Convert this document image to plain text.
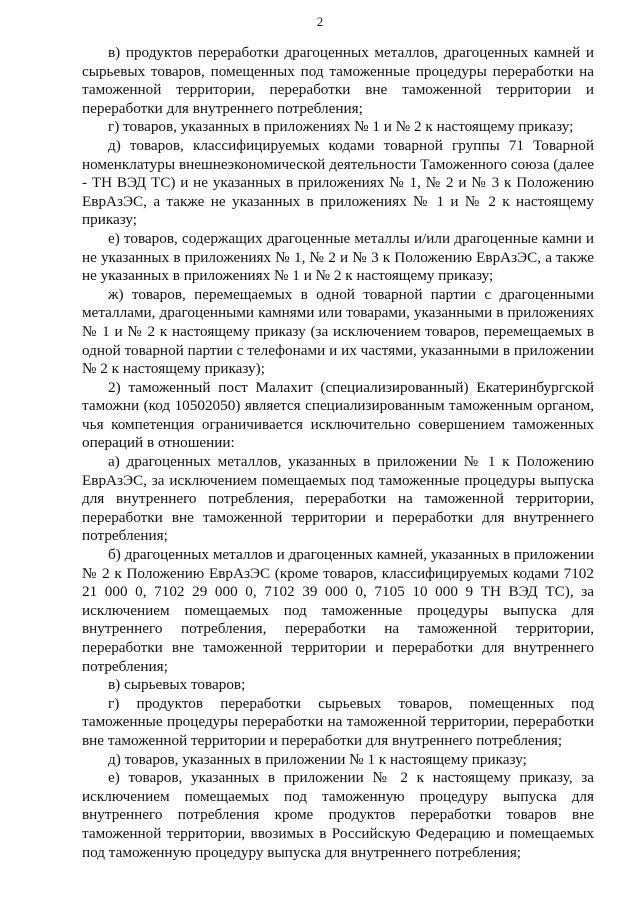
2

в) продуктов переработки драгоценных металлов, драгоценных камней и сырьевых товаров, помещенных под таможенные процедуры переработки на таможенной территории, переработки вне таможенной территории и переработки для внутреннего потребления;

г) товаров, указанных в приложениях № 1 и № 2 к настоящему приказу;

д) товаров, классифицируемых кодами товарной группы 71 Товарной номенклатуры внешнеэкономической деятельности Таможенного союза (далее - ТН ВЭД ТС) и не указанных в приложениях № 1, № 2 и № 3 к Положению ЕврАзЭС, а также не указанных в приложениях № 1 и № 2 к настоящему приказу;

е) товаров, содержащих драгоценные металлы и/или драгоценные камни и не указанных в приложениях № 1, № 2 и № 3 к Положению ЕврАзЭС, а также не указанных в приложениях № 1 и № 2 к настоящему приказу;

ж) товаров, перемещаемых в одной товарной партии с драгоценными металлами, драгоценными камнями или товарами, указанными в приложениях № 1 и № 2 к настоящему приказу (за исключением товаров, перемещаемых в одной товарной партии с телефонами и их частями, указанными в приложении № 2 к настоящему приказу);

2) таможенный пост Малахит (специализированный) Екатеринбургской таможни (код 10502050) является специализированным таможенным органом, чья компетенция ограничивается исключительно совершением таможенных операций в отношении:

а) драгоценных металлов, указанных в приложении № 1 к Положению ЕврАзЭС, за исключением помещаемых под таможенные процедуры выпуска для внутреннего потребления, переработки на таможенной территории, переработки вне таможенной территории и переработки для внутреннего потребления;

б) драгоценных металлов и драгоценных камней, указанных в приложении № 2 к Положению ЕврАзЭС (кроме товаров, классифицируемых кодами 7102 21 000 0, 7102 29 000 0, 7102 39 000 0, 7105 10 000 9 ТН ВЭД ТС), за исключением помещаемых под таможенные процедуры выпуска для внутреннего потребления, переработки на таможенной территории, переработки вне таможенной территории и переработки для внутреннего потребления;

в) сырьевых товаров;

г) продуктов переработки сырьевых товаров, помещенных под таможенные процедуры переработки на таможенной территории, переработки вне таможенной территории и переработки для внутреннего потребления;

д) товаров, указанных в приложении № 1 к настоящему приказу;

е) товаров, указанных в приложении № 2 к настоящему приказу, за исключением помещаемых под таможенную процедуру выпуска для внутреннего потребления кроме продуктов переработки товаров вне таможенной территории, ввозимых в Российскую Федерацию и помещаемых под таможенную процедуру выпуска для внутреннего потребления;
